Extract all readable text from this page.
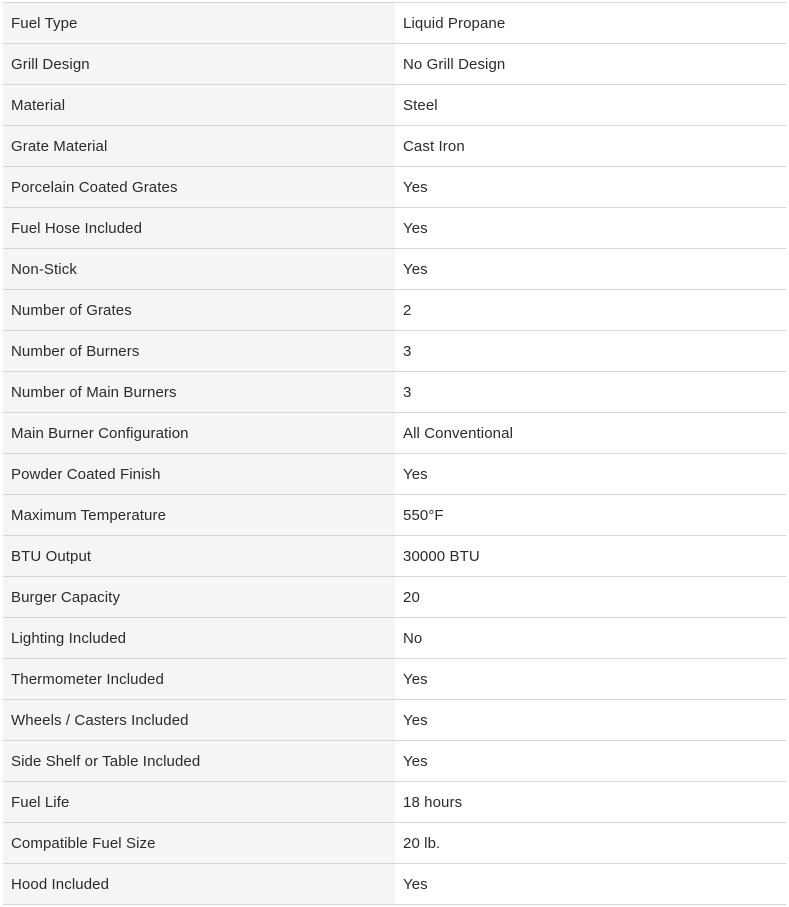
Fuel Type	Liquid Propane
Grill Design	No Grill Design
Material	Steel
Grate Material	Cast Iron
Porcelain Coated Grates	Yes
Fuel Hose Included	Yes
Non-Stick	Yes
Number of Grates	2
Number of Burners	3
Number of Main Burners	3
Main Burner Configuration	All Conventional
Powder Coated Finish	Yes
Maximum Temperature	550°F
BTU Output	30000 BTU
Burger Capacity	20
Lighting Included	No
Thermometer Included	Yes
Wheels / Casters Included	Yes
Side Shelf or Table Included	Yes
Fuel Life	18 hours
Compatible Fuel Size	20 lb.
Hood Included	Yes
